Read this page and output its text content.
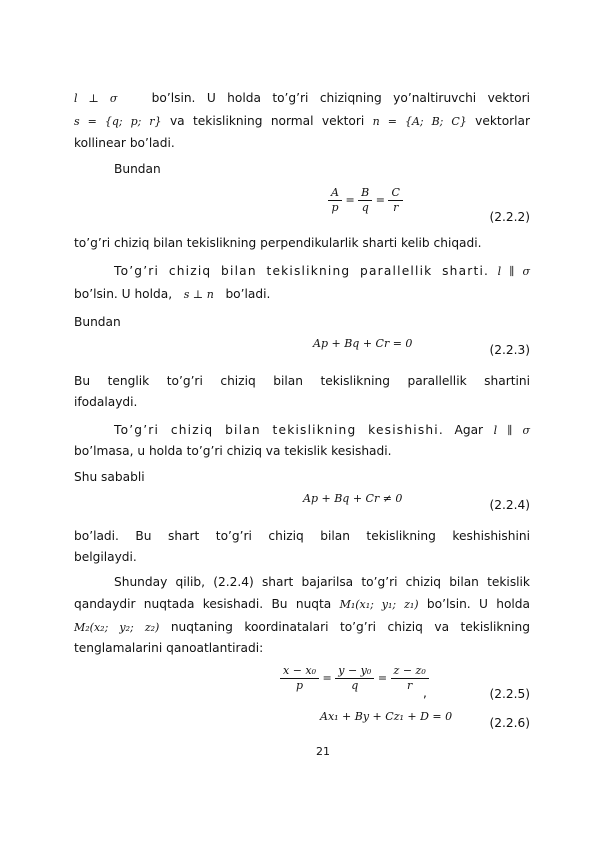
l ⊥ σ	bo’lsin. U holda to’g’ri chiziqning yo’naltiruvchi vektori
s = {q; p; r} va tekislikning normal vektori n = {A; B; C} vektorlar
kollinear bo’ladi.
Bundan
$\frac{A}{p} = \frac{B}{q} = \frac{C}{r}$
(2.2.2)
to’g’ri chiziq bilan tekislikning perpendikularlik sharti kelib chiqadi.
To’g’ri chiziq bilan tekislikning parallellik sharti. l ∥ σ
bo’lsin. U holda, s ⊥ n bo’ladi.
Bundan
Ap + Bq + Cr = 0	(2.2.3)
Bu tenglik to’g’ri chiziq bilan tekislikning parallellik shartini
ifodalaydi.
To’g’ri chiziq bilan tekislikning kesishishi. Agar l ∥ σ
bo’lmasa, u holda to’g’ri chiziq va tekislik kesishadi.
Shu sababli
Ap + Bq + Cr ≠ 0	(2.2.4)
bo’ladi. Bu shart to’g’ri chiziq bilan tekislikning keshishishini
belgilaydi.
Shunday qilib, (2.2.4) shart bajarilsa to’g’ri chiziq bilan tekislik
qandaydir nuqtada kesishadi. Bu nuqta M₁(x₁; y₁; z₁) bo’lsin. U holda
M₂(x₂; y₂; z₂) nuqtaning koordinatalari to’g’ri chiziq va tekislikning
tenglamalarini qanoatlantiradi:
$\frac{\text{x − x₀}}{p} = \frac{\text{y − y₀}}{q} = \frac{\text{z − z₀}}{r}$
,	(2.2.5)
Ax₁ + By + Cz₁ + D = 0	(2.2.6)
21
